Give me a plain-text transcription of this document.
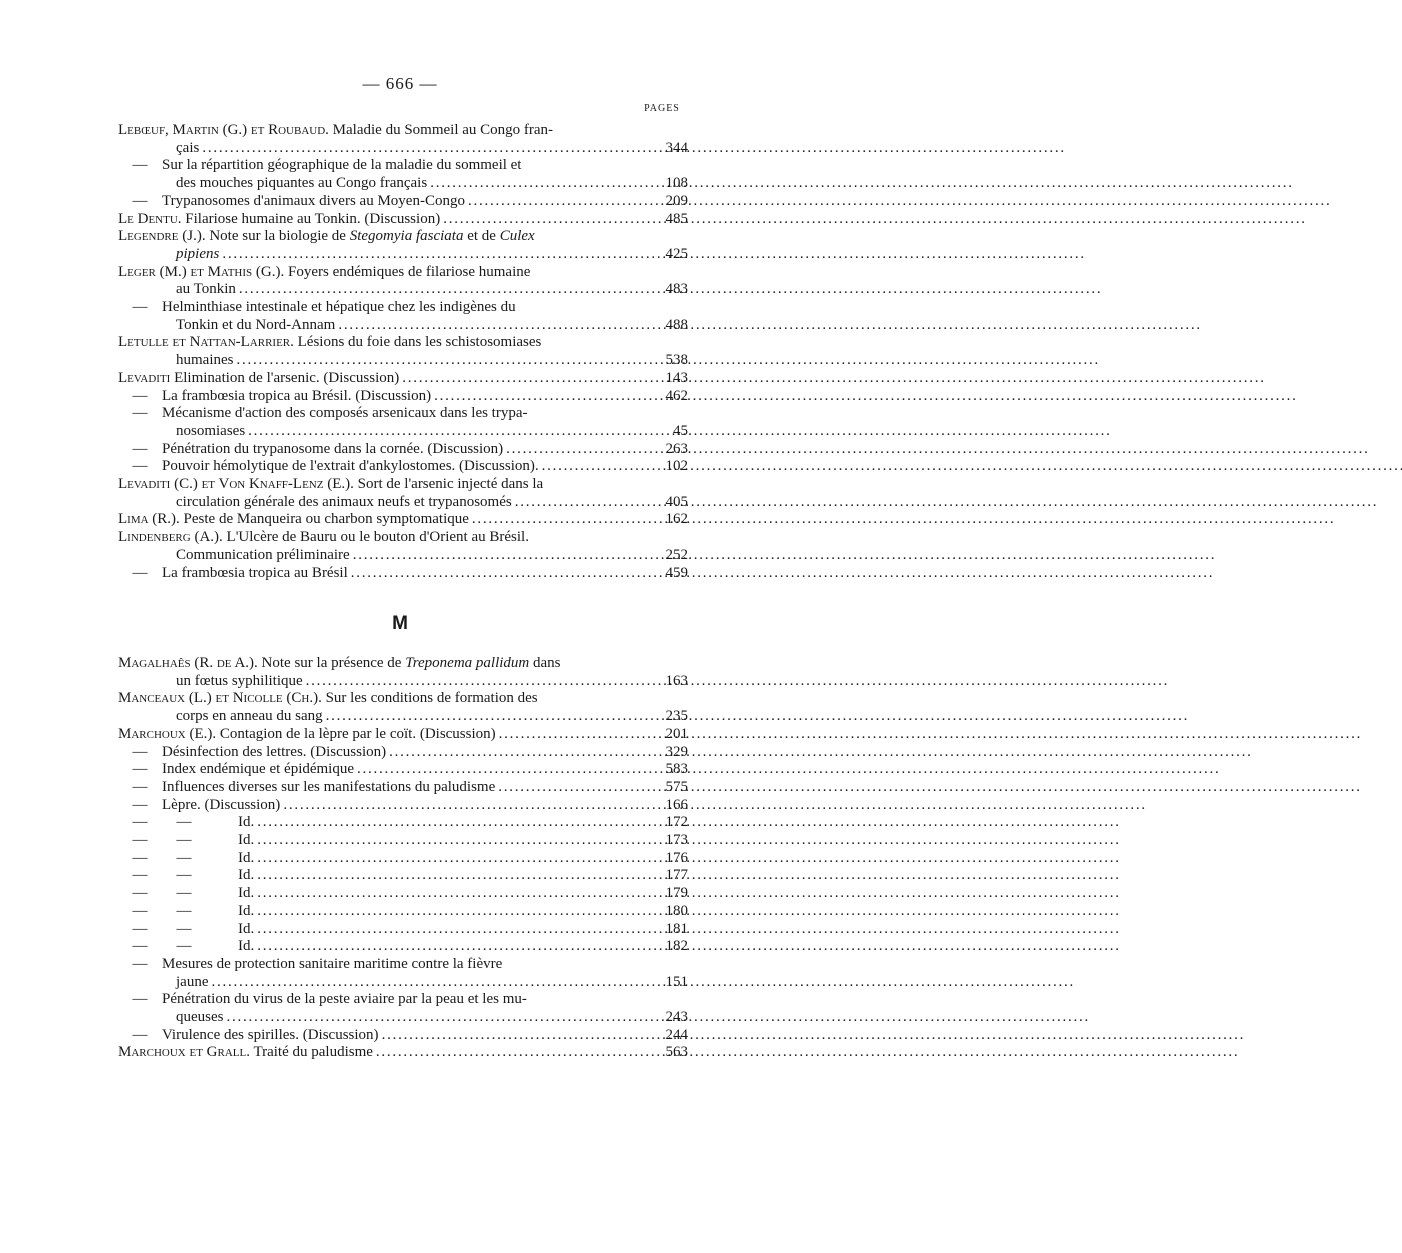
— 666 —
PAGES
Lebœuf, Martin (G.) et Roubaud. Maladie du Sommeil au Congo fran-
çais . . .	344
— Sur la répartition géographique de la maladie du sommeil et
des mouches piquantes au Congo français . . .	108
— Trypanosomes d'animaux divers au Moyen-Congo . . .	209
Le Dentu. Filariose humaine au Tonkin. (Discussion) . . .	485
Legendre (J.). Note sur la biologie de Stegomyia fasciata et de Culex
pipiens . . .	425
Leger (M.) et Mathis (G.). Foyers endémiques de filariose humaine
au Tonkin . . .	483
— Helminthiase intestinale et hépatique chez les indigènes du
Tonkin et du Nord-Annam . . .	488
Letulle et Nattan-Larrier. Lésions du foie dans les schistosomiases
humaines . . .	538
Levaditi Elimination de l'arsenic. (Discussion) . . .	143
— La frambœsia tropica au Brésil. (Discussion) . . .	462
— Mécanisme d'action des composés arsenicaux dans les trypa-
nosomiases . . .	45
— Pénétration du trypanosome dans la cornée. (Discussion) . . .	263
— Pouvoir hémolytique de l'extrait d'ankylostomes. (Discussion). . . .	102
Levaditi (C.) et Von Knaff-Lenz (E.). Sort de l'arsenic injecté dans la
circulation générale des animaux neufs et trypanosomés . . .	405
Lima (R.). Peste de Manqueira ou charbon symptomatique . . .	162
Lindenberg (A.). L'Ulcère de Bauru ou le bouton d'Orient au Brésil.
Communication préliminaire . . .	252
— La frambœsia tropica au Brésil . . .	459
M
Magalhaês (R. de A.). Note sur la présence de Treponema pallidum dans
un fœtus syphilitique . . .	163
Manceaux (L.) et Nicolle (Ch.). Sur les conditions de formation des
corps en anneau du sang . . .	235
Marchoux (E.). Contagion de la lèpre par le coït. (Discussion) . . .	201
— Désinfection des lettres. (Discussion) . . .	329
— Index endémique et épidémique . . .	583
— Influences diverses sur les manifestations du paludisme . . .	575
— Lèpre. (Discussion) . . .	166
—	—	Id. . . .	172
—	—	Id. . . .	173
—	—	Id. . . .	176
—	—	Id. . . .	177
—	—	Id. . . .	179
—	—	Id. . . .	180
—	—	Id. . . .	181
—	—	Id. . . .	182
— Mesures de protection sanitaire maritime contre la fièvre
jaune . . .	151
— Pénétration du virus de la peste aviaire par la peau et les mu-
queuses . . .	243
— Virulence des spirilles. (Discussion) . . .	244
Marchoux et Grall. Traité du paludisme . . .	563
